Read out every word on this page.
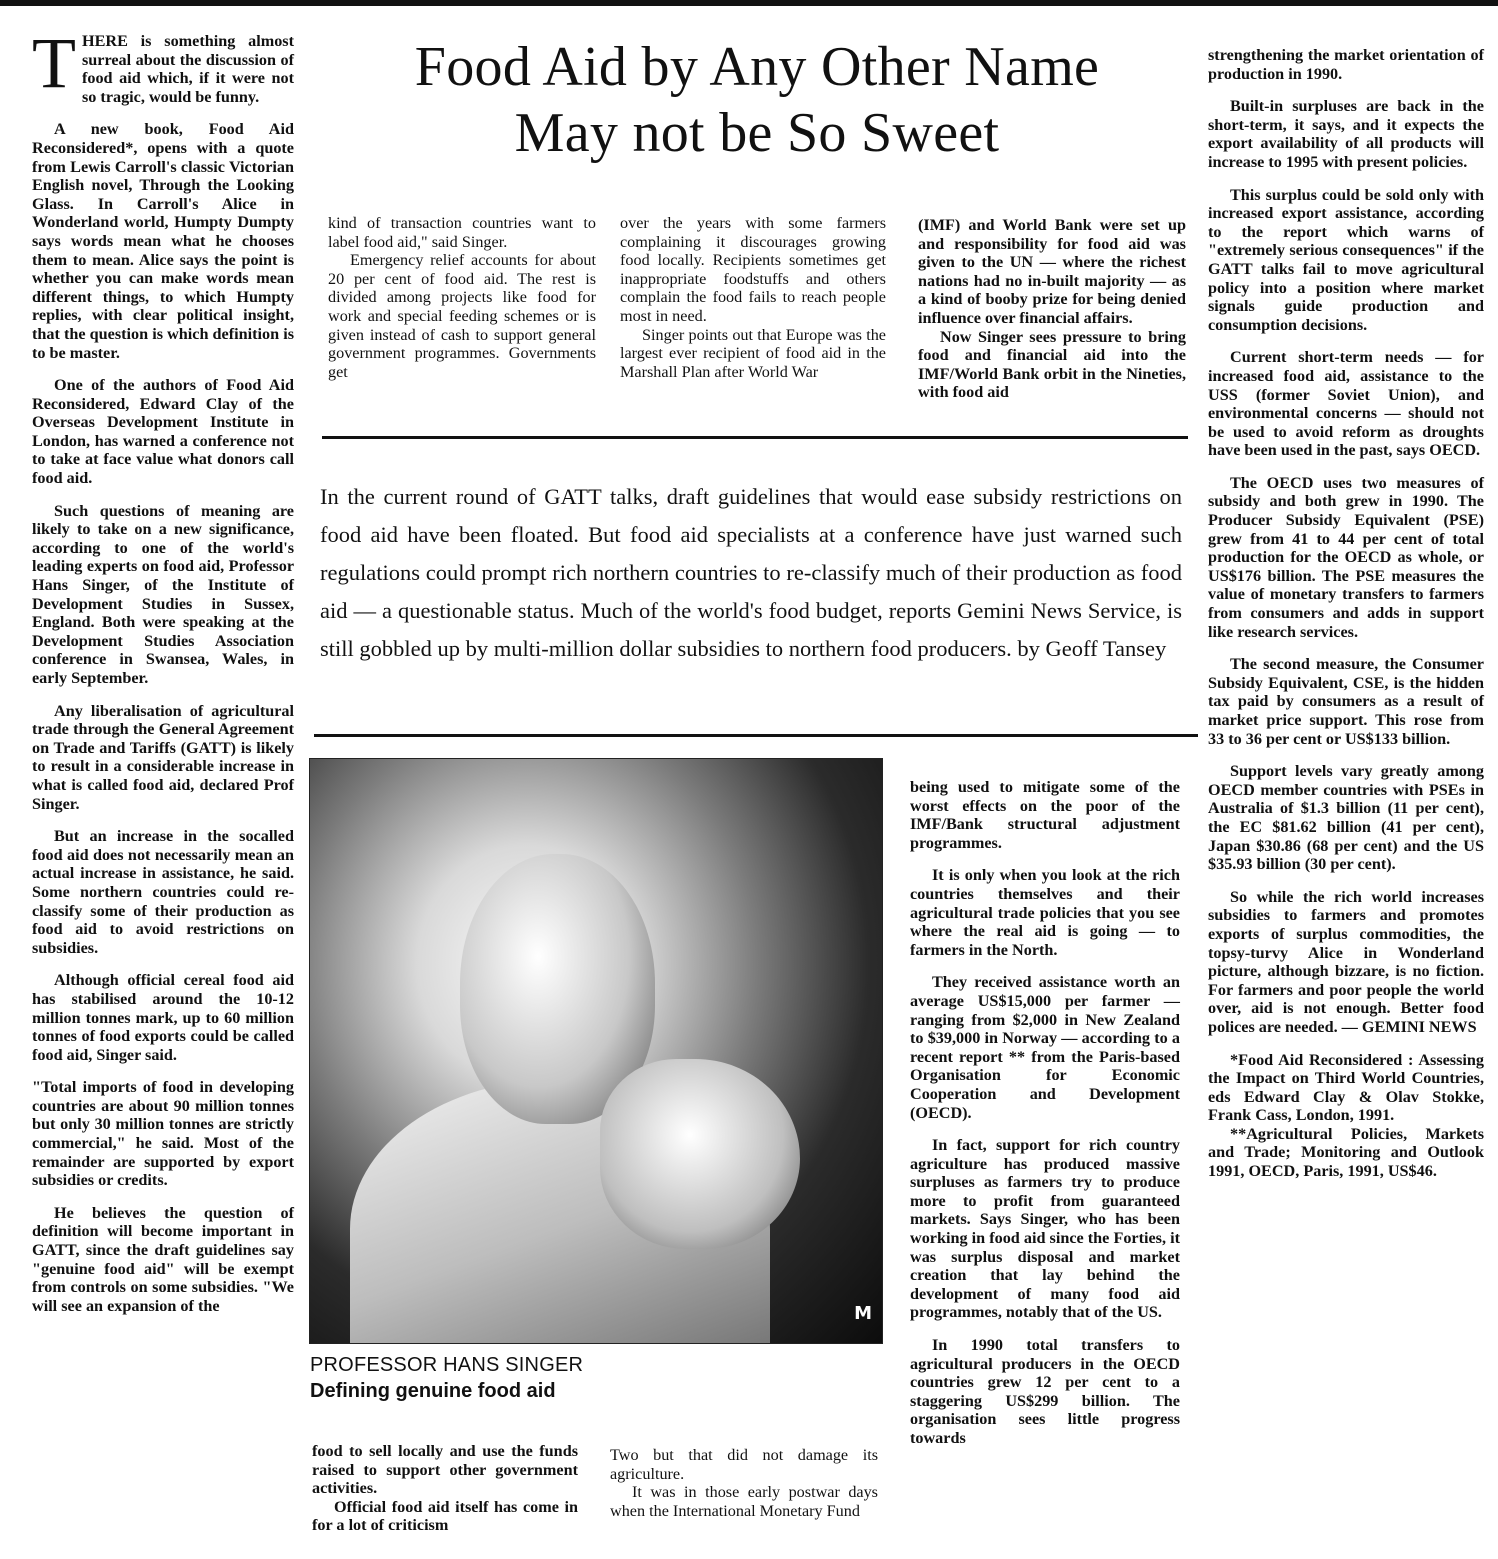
THERE is something almost surreal about the discussion of food aid which, if it were not so tragic, would be funny.

A new book, Food Aid Reconsidered*, opens with a quote from Lewis Carroll's classic Victorian English novel, Through the Looking Glass. In Carroll's Alice in Wonderland world, Humpty Dumpty says words mean what he chooses them to mean. Alice says the point is whether you can make words mean different things, to which Humpty replies, with clear political insight, that the question is which definition is to be master.

One of the authors of Food Aid Reconsidered, Edward Clay of the Overseas Development Institute in London, has warned a conference not to take at face value what donors call food aid.

Such questions of meaning are likely to take on a new significance, according to one of the world's leading experts on food aid, Professor Hans Singer, of the Institute of Development Studies in Sussex, England. Both were speaking at the Development Studies Association conference in Swansea, Wales, in early September.

Any liberalisation of agricultural trade through the General Agreement on Trade and Tariffs (GATT) is likely to result in a considerable increase in what is called food aid, declared Prof Singer.

But an increase in the socalled food aid does not necessarily mean an actual increase in assistance, he said. Some northern countries could re-classify some of their production as food aid to avoid restrictions on subsidies.

Although official cereal food aid has stabilised around the 10-12 million tonnes mark, up to 60 million tonnes of food exports could be called food aid, Singer said.

"Total imports of food in developing countries are about 90 million tonnes but only 30 million tonnes are strictly commercial," he said. Most of the remainder are supported by export subsidies or credits.

He believes the question of definition will become important in GATT, since the draft guidelines say "genuine food aid" will be exempt from controls on some subsidies. "We will see an expansion of the

Food Aid by Any Other Name
May not be So Sweet

kind of transaction countries want to label food aid," said Singer.

Emergency relief accounts for about 20 per cent of food aid. The rest is divided among projects like food for work and special feeding schemes or is given instead of cash to support general government programmes. Governments get

over the years with some farmers complaining it discourages growing food locally. Recipients sometimes get inappropriate foodstuffs and others complain the food fails to reach people most in need.

Singer points out that Europe was the largest ever recipient of food aid in the Marshall Plan after World War

(IMF) and World Bank were set up and responsibility for food aid was given to the UN — where the richest nations had no in-built majority — as a kind of booby prize for being denied influence over financial affairs.

Now Singer sees pressure to bring food and financial aid into the IMF/World Bank orbit in the Nineties, with food aid

In the current round of GATT talks, draft guidelines that would ease subsidy restrictions on food aid have been floated. But food aid specialists at a conference have just warned such regulations could prompt rich northern countries to re-classify much of their production as food aid — a questionable status. Much of the world's food budget, reports Gemini News Service, is still gobbled up by multi-million dollar subsidies to northern food producers. by Geoff Tansey
M
PROFESSOR HANS SINGER
Defining genuine food aid

food to sell locally and use the funds raised to support other government activities.

Official food aid itself has come in for a lot of criticism

Two but that did not damage its agriculture.

It was in those early postwar days when the International Monetary Fund

being used to mitigate some of the worst effects on the poor of the IMF/Bank structural adjustment programmes.

It is only when you look at the rich countries themselves and their agricultural trade policies that you see where the real aid is going — to farmers in the North.

They received assistance worth an average US$15,000 per farmer — ranging from $2,000 in New Zealand to $39,000 in Norway — according to a recent report ** from the Paris-based Organisation for Economic Cooperation and Development (OECD).

In fact, support for rich country agriculture has produced massive surpluses as farmers try to produce more to profit from guaranteed markets. Says Singer, who has been working in food aid since the Forties, it was surplus disposal and market creation that lay behind the development of many food aid programmes, notably that of the US.

In 1990 total transfers to agricultural producers in the OECD countries grew 12 per cent to a staggering US$299 billion. The organisation sees little progress towards

strengthening the market orientation of production in 1990.

Built-in surpluses are back in the short-term, it says, and it expects the export availability of all products will increase to 1995 with present policies.

This surplus could be sold only with increased export assistance, according to the report which warns of "extremely serious consequences" if the GATT talks fail to move agricultural policy into a position where market signals guide production and consumption decisions.

Current short-term needs — for increased food aid, assistance to the USS (former Soviet Union), and environmental concerns — should not be used to avoid reform as droughts have been used in the past, says OECD.

The OECD uses two measures of subsidy and both grew in 1990. The Producer Subsidy Equivalent (PSE) grew from 41 to 44 per cent of total production for the OECD as whole, or US$176 billion. The PSE measures the value of monetary transfers to farmers from consumers and adds in support like research services.

The second measure, the Consumer Subsidy Equivalent, CSE, is the hidden tax paid by consumers as a result of market price support. This rose from 33 to 36 per cent or US$133 billion.

Support levels vary greatly among OECD member countries with PSEs in Australia of $1.3 billion (11 per cent), the EC $81.62 billion (41 per cent), Japan $30.86 (68 per cent) and the US $35.93 billion (30 per cent).

So while the rich world increases subsidies to farmers and promotes exports of surplus commodities, the topsy-turvy Alice in Wonderland picture, although bizzare, is no fiction. For farmers and poor people the world over, aid is not enough. Better food polices are needed. — GEMINI NEWS

*Food Aid Reconsidered : Assessing the Impact on Third World Countries, eds Edward Clay & Olav Stokke, Frank Cass, London, 1991.

**Agricultural Policies, Markets and Trade; Monitoring and Outlook 1991, OECD, Paris, 1991, US$46.
